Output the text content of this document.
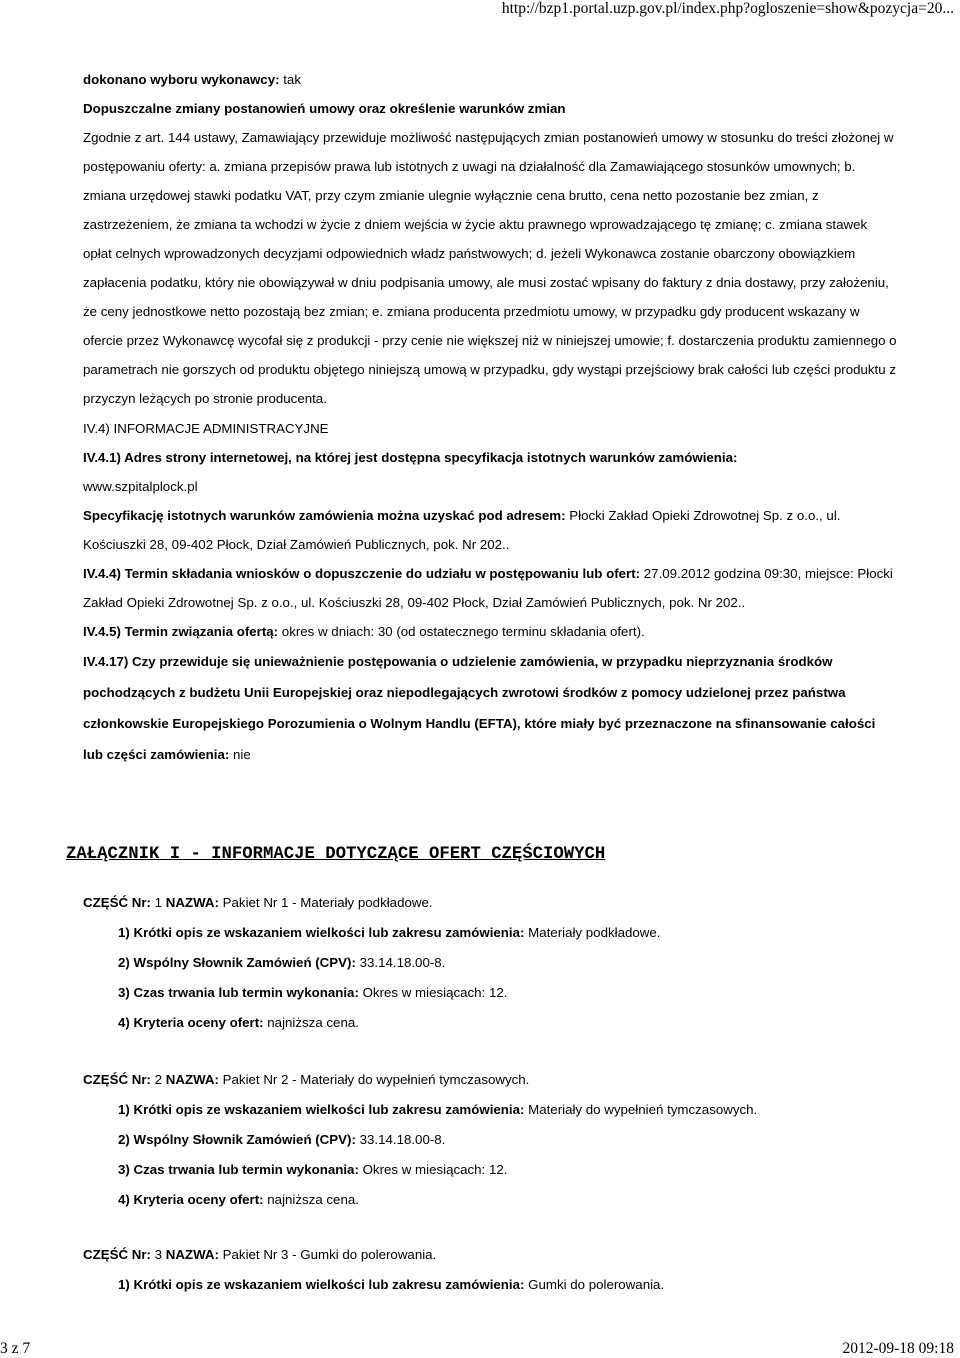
http://bzp1.portal.uzp.gov.pl/index.php?ogloszenie=show&pozycja=20...
dokonano wyboru wykonawcy: tak
Dopuszczalne zmiany postanowień umowy oraz określenie warunków zmian
Zgodnie z art. 144 ustawy, Zamawiający przewiduje możliwość następujących zmian postanowień umowy w stosunku do treści złożonej w postępowaniu oferty: a. zmiana przepisów prawa lub istotnych z uwagi na działalność dla Zamawiającego stosunków umownych; b. zmiana urzędowej stawki podatku VAT, przy czym zmianie ulegnie wyłącznie cena brutto, cena netto pozostanie bez zmian, z zastrzeżeniem, że zmiana ta wchodzi w życie z dniem wejścia w życie aktu prawnego wprowadzającego tę zmianę; c. zmiana stawek opłat celnych wprowadzonych decyzjami odpowiednich władz państwowych; d. jeżeli Wykonawca zostanie obarczony obowiązkiem zapłacenia podatku, który nie obowiązywał w dniu podpisania umowy, ale musi zostać wpisany do faktury z dnia dostawy, przy założeniu, że ceny jednostkowe netto pozostają bez zmian; e. zmiana producenta przedmiotu umowy, w przypadku gdy producent wskazany w ofercie przez Wykonawcę wycofał się z produkcji - przy cenie nie większej niż w niniejszej umowie; f. dostarczenia produktu zamiennego o parametrach nie gorszych od produktu objętego niniejszą umową w przypadku, gdy wystąpi przejściowy brak całości lub części produktu z przyczyn leżących po stronie producenta.
IV.4) INFORMACJE ADMINISTRACYJNE
IV.4.1) Adres strony internetowej, na której jest dostępna specyfikacja istotnych warunków zamówienia:
www.szpitalplock.pl
Specyfikację istotnych warunków zamówienia można uzyskać pod adresem: Płocki Zakład Opieki Zdrowotnej Sp. z o.o., ul. Kościuszki 28, 09-402 Płock, Dział Zamówień Publicznych, pok. Nr 202..
IV.4.4) Termin składania wniosków o dopuszczenie do udziału w postępowaniu lub ofert: 27.09.2012 godzina 09:30, miejsce: Płocki Zakład Opieki Zdrowotnej Sp. z o.o., ul. Kościuszki 28, 09-402 Płock, Dział Zamówień Publicznych, pok. Nr 202..
IV.4.5) Termin związania ofertą: okres w dniach: 30 (od ostatecznego terminu składania ofert).
IV.4.17) Czy przewiduje się unieważnienie postępowania o udzielenie zamówienia, w przypadku nieprzyznania środków pochodzących z budżetu Unii Europejskiej oraz niepodlegających zwrotowi środków z pomocy udzielonej przez państwa członkowskie Europejskiego Porozumienia o Wolnym Handlu (EFTA), które miały być przeznaczone na sfinansowanie całości lub części zamówienia: nie
ZAŁĄCZNIK I - INFORMACJE DOTYCZĄCE OFERT CZĘŚCIOWYCH
CZĘŚĆ Nr: 1 NAZWA: Pakiet Nr 1 - Materiały podkładowe.
1) Krótki opis ze wskazaniem wielkości lub zakresu zamówienia: Materiały podkładowe.
2) Wspólny Słownik Zamówień (CPV): 33.14.18.00-8.
3) Czas trwania lub termin wykonania: Okres w miesiącach: 12.
4) Kryteria oceny ofert: najniższa cena.
CZĘŚĆ Nr: 2 NAZWA: Pakiet Nr 2 - Materiały do wypełnień tymczasowych.
1) Krótki opis ze wskazaniem wielkości lub zakresu zamówienia: Materiały do wypełnień tymczasowych.
2) Wspólny Słownik Zamówień (CPV): 33.14.18.00-8.
3) Czas trwania lub termin wykonania: Okres w miesiącach: 12.
4) Kryteria oceny ofert: najniższa cena.
CZĘŚĆ Nr: 3 NAZWA: Pakiet Nr 3 - Gumki do polerowania.
1) Krótki opis ze wskazaniem wielkości lub zakresu zamówienia: Gumki do polerowania.
3 z 7	2012-09-18 09:18
